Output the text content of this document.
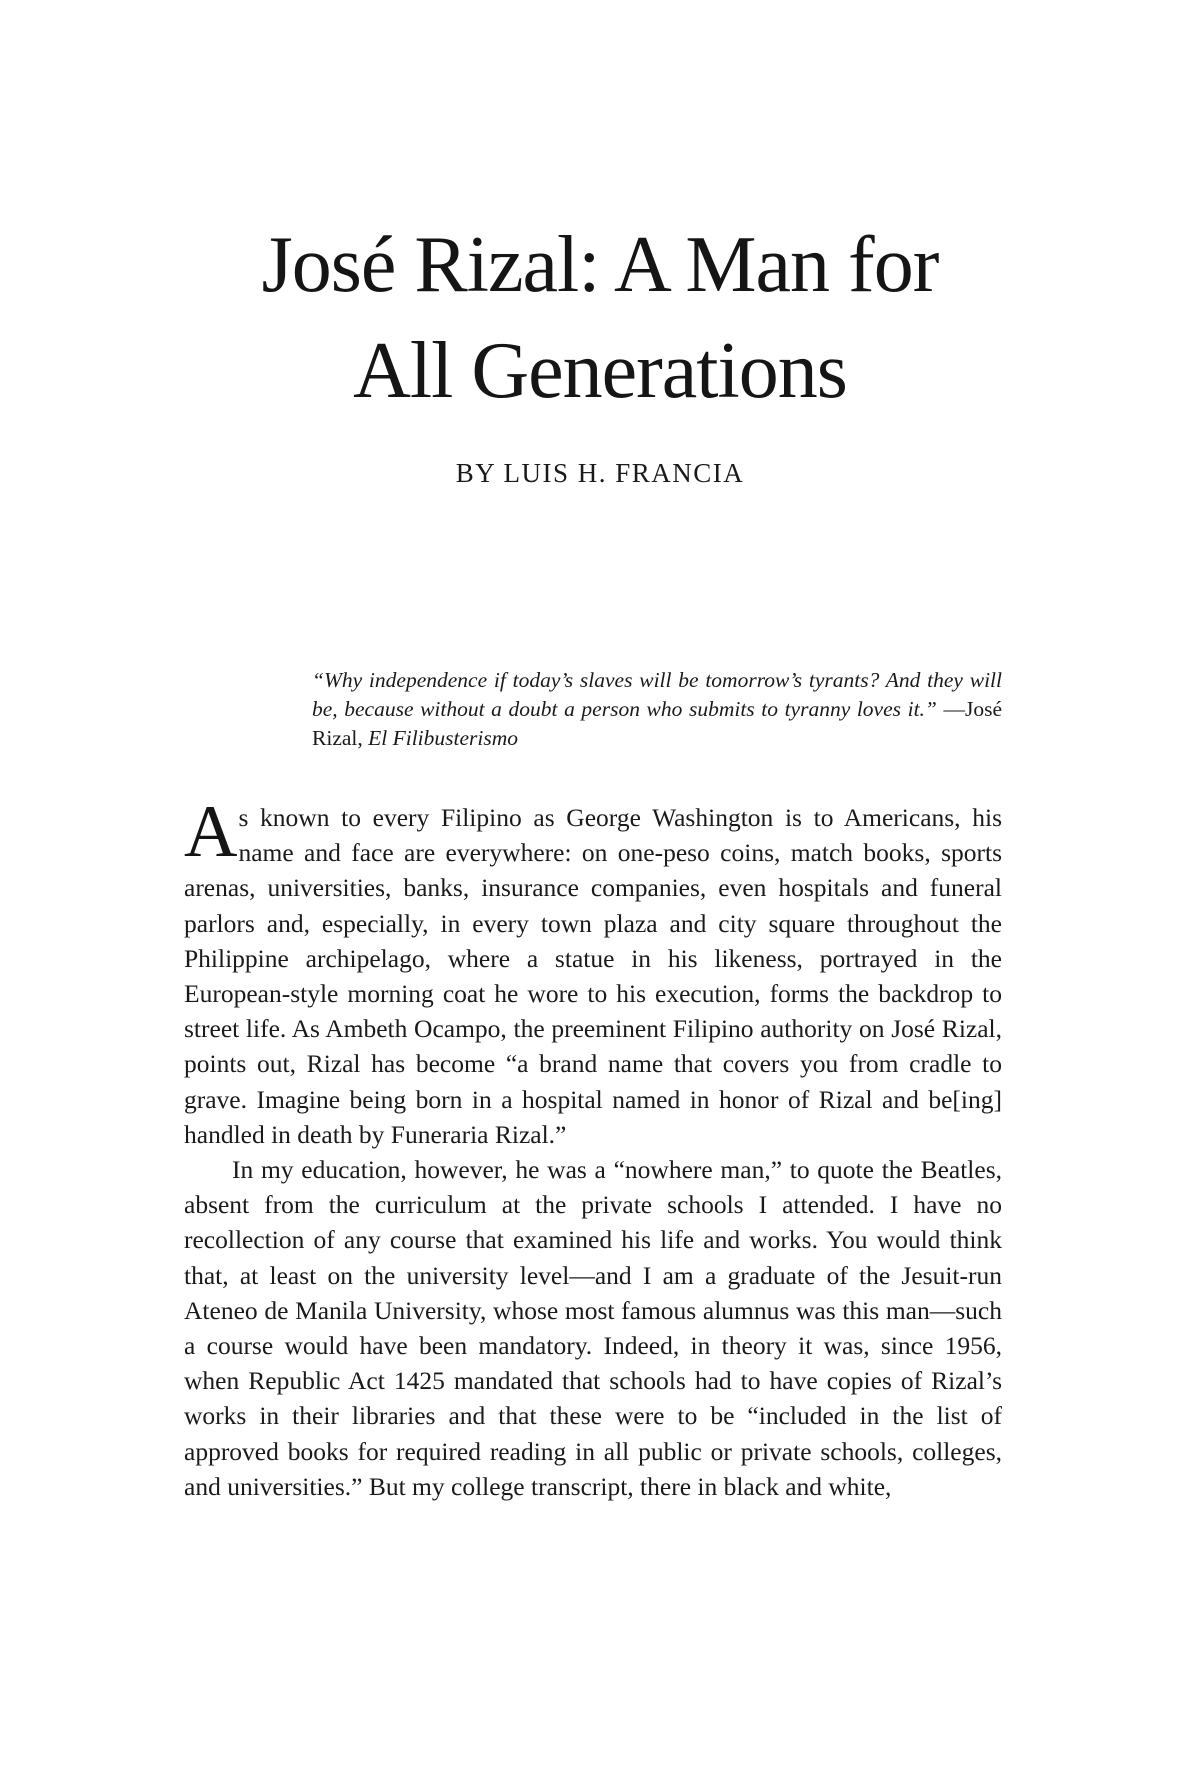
José Rizal: A Man for
All Generations
BY LUIS H. FRANCIA
“Why independence if today’s slaves will be tomorrow’s tyrants? And they will be, because without a doubt a person who submits to tyranny loves it.” —José Rizal, El Filibusterismo

As known to every Filipino as George Washington is to Americans, his name and face are everywhere: on one-peso coins, match books, sports arenas, universities, banks, insurance companies, even hospitals and funeral parlors and, especially, in every town plaza and city square throughout the Philippine archipelago, where a statue in his likeness, portrayed in the European-style morning coat he wore to his execution, forms the backdrop to street life. As Ambeth Ocampo, the preeminent Filipino authority on José Rizal, points out, Rizal has become “a brand name that covers you from cradle to grave. Imagine being born in a hospital named in honor of Rizal and be[ing] handled in death by Funeraria Rizal.”

In my education, however, he was a “nowhere man,” to quote the Beatles, absent from the curriculum at the private schools I attended. I have no recollection of any course that examined his life and works. You would think that, at least on the university level—and I am a graduate of the Jesuit-run Ateneo de Manila University, whose most famous alumnus was this man—such a course would have been mandatory. Indeed, in theory it was, since 1956, when Republic Act 1425 mandated that schools had to have copies of Rizal’s works in their libraries and that these were to be “included in the list of approved books for required reading in all public or private schools, colleges, and universities.” But my college transcript, there in black and white,
